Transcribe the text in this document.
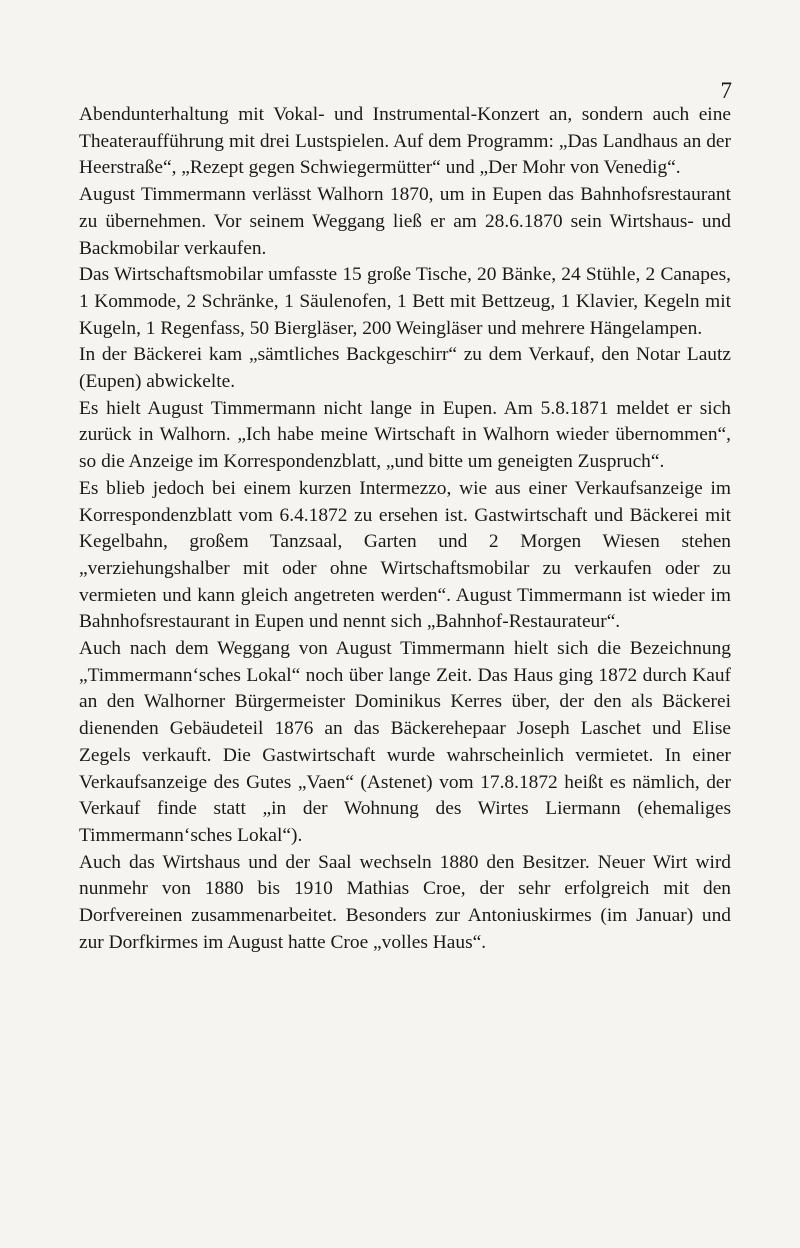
7

Abendunterhaltung mit Vokal- und Instrumental-Konzert an, sondern auch eine Theateraufführung mit drei Lustspielen. Auf dem Programm: „Das Landhaus an der Heerstraße“, „Rezept gegen Schwiegermütter“ und „Der Mohr von Venedig“.

August Timmermann verlässt Walhorn 1870, um in Eupen das Bahnhofsrestaurant zu übernehmen. Vor seinem Weggang ließ er am 28.6.1870 sein Wirtshaus- und Backmobilar verkaufen.

Das Wirtschaftsmobilar umfasste 15 große Tische, 20 Bänke, 24 Stühle, 2 Canapes, 1 Kommode, 2 Schränke, 1 Säulenofen, 1 Bett mit Bettzeug, 1 Klavier, Kegeln mit Kugeln, 1 Regenfass, 50 Biergläser, 200 Weingläser und mehrere Hängelampen.

In der Bäckerei kam „sämtliches Backgeschirr“ zu dem Verkauf, den Notar Lautz (Eupen) abwickelte.

Es hielt August Timmermann nicht lange in Eupen. Am 5.8.1871 meldet er sich zurück in Walhorn. „Ich habe meine Wirtschaft in Walhorn wieder übernommen“, so die Anzeige im Korrespondenzblatt, „und bitte um geneigten Zuspruch“.

Es blieb jedoch bei einem kurzen Intermezzo, wie aus einer Verkaufsanzeige im Korrespondenzblatt vom 6.4.1872 zu ersehen ist. Gastwirtschaft und Bäckerei mit Kegelbahn, großem Tanzsaal, Garten und 2 Morgen Wiesen stehen „verziehungshalber mit oder ohne Wirtschaftsmobilar zu verkaufen oder zu vermieten und kann gleich angetreten werden“. August Timmermann ist wieder im Bahnhofsrestaurant in Eupen und nennt sich „Bahnhof-Restaurateur“.

Auch nach dem Weggang von August Timmermann hielt sich die Bezeichnung „Timmermann‘sches Lokal“ noch über lange Zeit. Das Haus ging 1872 durch Kauf an den Walhorner Bürgermeister Dominikus Kerres über, der den als Bäckerei dienenden Gebäudeteil 1876 an das Bäckerehepaar Joseph Laschet und Elise Zegels verkauft. Die Gastwirtschaft wurde wahrscheinlich vermietet. In einer Verkaufsanzeige des Gutes „Vaen“ (Astenet) vom 17.8.1872 heißt es nämlich, der Verkauf finde statt „in der Wohnung des Wirtes Liermann (ehemaliges Timmermann‘sches Lokal“).

Auch das Wirtshaus und der Saal wechseln 1880 den Besitzer. Neuer Wirt wird nunmehr von 1880 bis 1910 Mathias Croe, der sehr erfolgreich mit den Dorfvereinen zusammenarbeitet. Besonders zur Antoniuskirmes (im Januar) und zur Dorfkirmes im August hatte Croe „volles Haus“.
